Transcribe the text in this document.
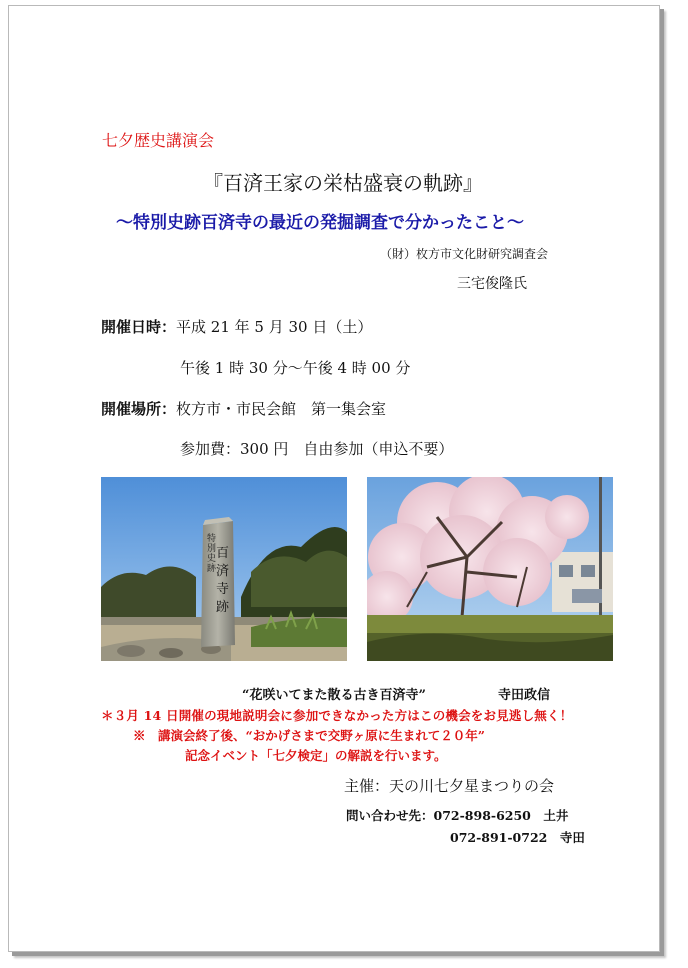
七夕歴史講演会
『百済王家の栄枯盛衰の軌跡』
～特別史跡百済寺の最近の発掘調査で分かったこと～
（財）枚方市文化財研究調査会
三宅俊隆氏
開催日時：平成 21 年 5 月 30 日（土）
午後 1 時 30 分～午後 4 時 00 分
開催場所：枚方市・市民会館　第一集会室
参加費：300 円　自由参加（申込不要）
特
別
史
跡
百
済
寺
跡
“花咲いてまた散る古き百済寺”	寺田政信
＊３月 14 日開催の現地説明会に参加できなかった方はこの機会をお見逃し無く！
※　講演会終了後、“おかげさまで交野ヶ原に生まれて２０年”
記念イベント「七夕検定」の解説を行います。
主催：天の川七夕星まつりの会
問い合わせ先：072-898-6250　土井
072-891-0722　寺田
